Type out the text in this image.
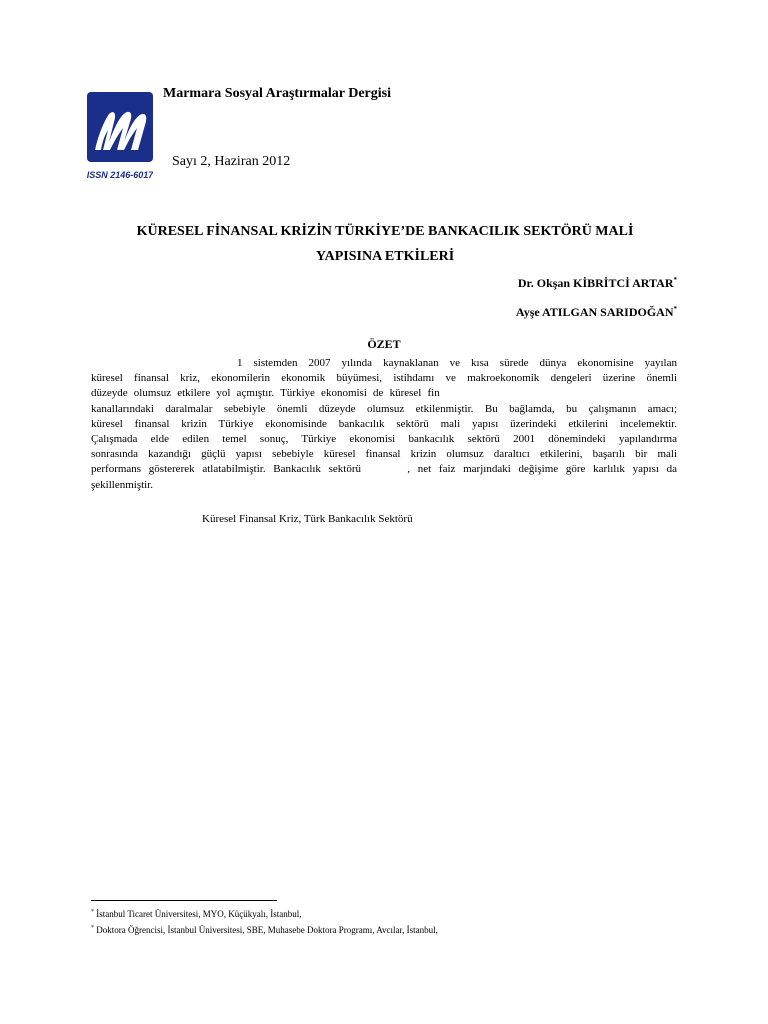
ISSN 2146-6017
Marmara Sosyal Araştırmalar Dergisi
Sayı 2, Haziran 2012
KÜRESEL FİNANSAL KRİZİN TÜRKİYE’DE BANKACILIK SEKTÖRÜ MALİ
YAPISINA ETKİLERİ
Dr. Okşan KİBRİTCİ ARTAR*
Ayşe ATILGAN SARIDOĞAN*
ÖZET
1 sistemden 2007 yılında kaynaklanan ve kısa sürede dünya ekonomisine yayılan
küresel finansal kriz, ekonomilerin ekonomik büyümesi, istihdamı ve makroekonomik dengeleri üzerine önemli
düzeyde olumsuz etkilere yol açmıştır. Türkiye ekonomisi de küresel fin
kanallarındaki daralmalar sebebiyle önemli düzeyde olumsuz etkilenmiştir. Bu bağlamda, bu çalışmanın amacı;
küresel finansal krizin Türkiye ekonomisinde bankacılık sektörü mali yapısı üzerindeki etkilerini incelemektir.
Çalışmada elde edilen temel sonuç, Türkiye ekonomisi bankacılık sektörü 2001 dönemindeki yapılandırma
sonrasında kazandığı güçlü yapısı sebebiyle küresel finansal krizin olumsuz daraltıcı etkilerini, başarılı bir mali
performans göstererek atlatabilmiştir. Bankacılık sektörü      , net faiz marjındaki değişime göre karlılık yapısı da
şekillenmiştir.
Küresel Finansal Kriz, Türk Bankacılık Sektörü
* İstanbul Ticaret Üniversitesi, MYO, Küçükyalı, İstanbul,
* Doktora Öğrencisi, İstanbul Üniversitesi, SBE, Muhasebe Doktora Programı, Avcılar, İstanbul,
